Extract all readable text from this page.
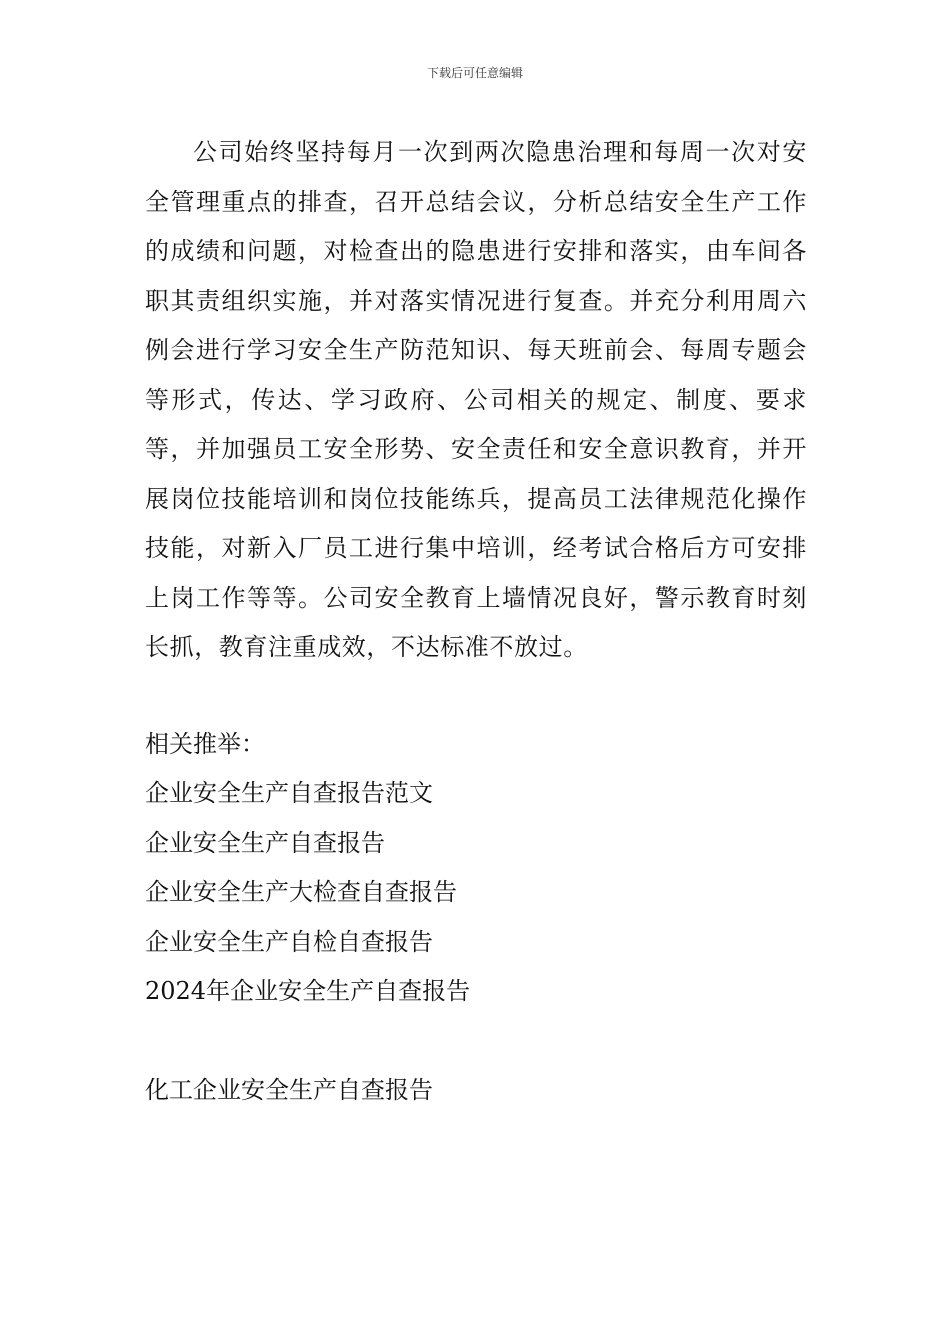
下载后可任意编辑

公司始终坚持每月一次到两次隐患治理和每周一次对安全管理重点的排查，召开总结会议，分析总结安全生产工作的成绩和问题，对检查出的隐患进行安排和落实，由车间各职其责组织实施，并对落实情况进行复查。并充分利用周六例会进行学习安全生产防范知识、每天班前会、每周专题会等形式，传达、学习政府、公司相关的规定、制度、要求等，并加强员工安全形势、安全责任和安全意识教育，并开展岗位技能培训和岗位技能练兵，提高员工法律规范化操作技能，对新入厂员工进行集中培训，经考试合格后方可安排上岗工作等等。公司安全教育上墙情况良好，警示教育时刻长抓，教育注重成效，不达标准不放过。

相关推举：

企业安全生产自查报告范文
企业安全生产自查报告
企业安全生产大检查自查报告
企业安全生产自检自查报告
2024年企业安全生产自查报告
化工企业安全生产自查报告
